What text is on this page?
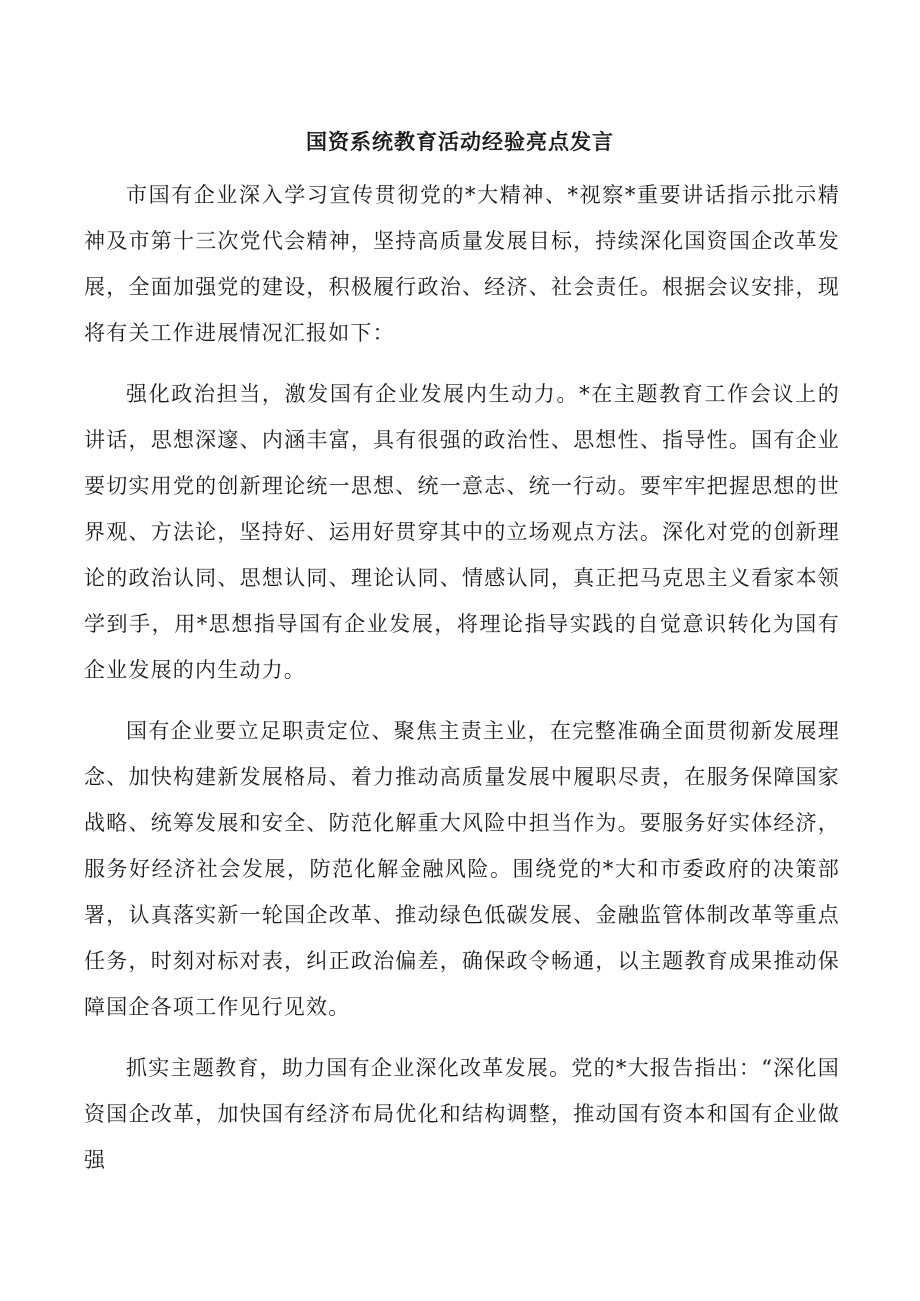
国资系统教育活动经验亮点发言

市国有企业深入学习宣传贯彻党的*大精神、*视察*重要讲话指示批示精神及市第十三次党代会精神，坚持高质量发展目标，持续深化国资国企改革发展，全面加强党的建设，积极履行政治、经济、社会责任。根据会议安排，现将有关工作进展情况汇报如下：

强化政治担当，激发国有企业发展内生动力。*在主题教育工作会议上的讲话，思想深邃、内涵丰富，具有很强的政治性、思想性、指导性。国有企业要切实用党的创新理论统一思想、统一意志、统一行动。要牢牢把握思想的世界观、方法论，坚持好、运用好贯穿其中的立场观点方法。深化对党的创新理论的政治认同、思想认同、理论认同、情感认同，真正把马克思主义看家本领学到手，用*思想指导国有企业发展，将理论指导实践的自觉意识转化为国有企业发展的内生动力。

国有企业要立足职责定位、聚焦主责主业，在完整准确全面贯彻新发展理念、加快构建新发展格局、着力推动高质量发展中履职尽责，在服务保障国家战略、统筹发展和安全、防范化解重大风险中担当作为。要服务好实体经济，服务好经济社会发展，防范化解金融风险。围绕党的*大和市委政府的决策部署，认真落实新一轮国企改革、推动绿色低碳发展、金融监管体制改革等重点任务，时刻对标对表，纠正政治偏差，确保政令畅通，以主题教育成果推动保障国企各项工作见行见效。

抓实主题教育，助力国有企业深化改革发展。党的*大报告指出：“深化国资国企改革，加快国有经济布局优化和结构调整，推动国有资本和国有企业做强
